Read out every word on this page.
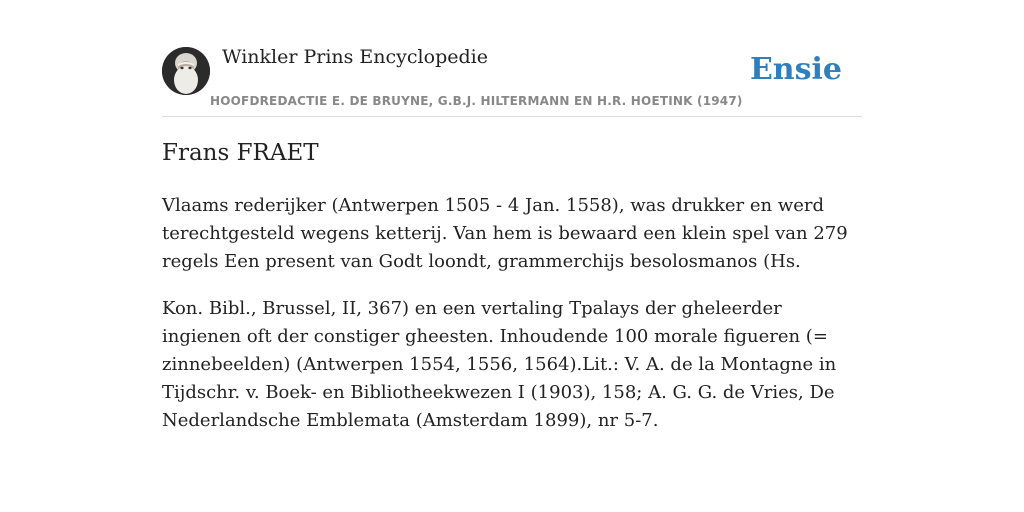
Winkler Prins Encyclopedie
HOOFDREDACTIE E. DE BRUYNE, G.B.J. HILTERMANN EN H.R. HOETINK (1947)
Ensie
Frans FRAET

Vlaams rederijker (Antwerpen 1505 - 4 Jan. 1558), was drukker en werd terechtgesteld wegens ketterij. Van hem is bewaard een klein spel van 279 regels Een present van Godt loondt, grammerchijs besolosmanos (Hs.

Kon. Bibl., Brussel, II, 367) en een vertaling Tpalays der gheleerder ingienen oft der constiger gheesten. Inhoudende 100 morale figueren (= zinnebeelden) (Antwerpen 1554, 1556, 1564).Lit.: V. A. de la Montagne in Tijdschr. v. Boek- en Bibliotheekwezen I (1903), 158; A. G. G. de Vries, De Nederlandsche Emblemata (Amsterdam 1899), nr 5-7.
